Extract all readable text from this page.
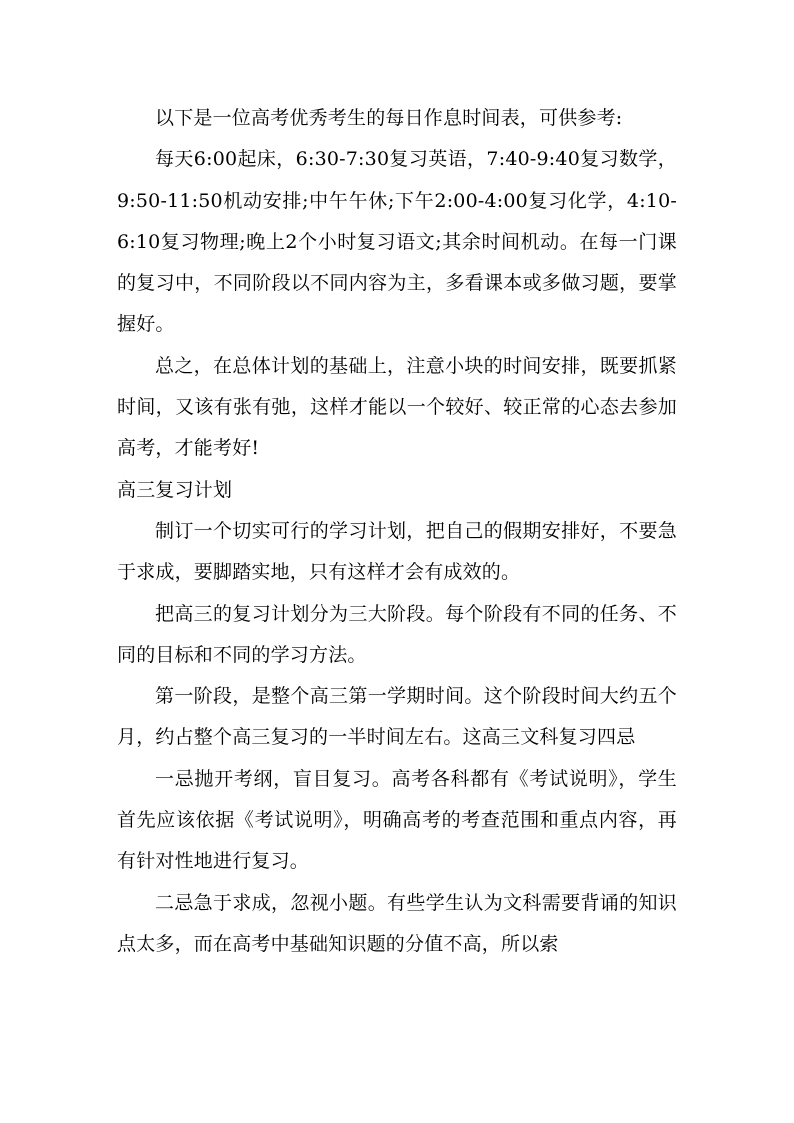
以下是一位高考优秀考生的每日作息时间表，可供参考:

每天6:00起床，6:30-7:30复习英语，7:40-9:40复习数学，9:50-11:50机动安排;中午午休;下午2:00-4:00复习化学，4:10-6:10复习物理;晚上2个小时复习语文;其余时间机动。在每一门课的复习中，不同阶段以不同内容为主，多看课本或多做习题，要掌握好。

总之，在总体计划的基础上，注意小块的时间安排，既要抓紧时间，又该有张有弛，这样才能以一个较好、较正常的心态去参加高考，才能考好!

高三复习计划

制订一个切实可行的学习计划，把自己的假期安排好，不要急于求成，要脚踏实地，只有这样才会有成效的。

把高三的复习计划分为三大阶段。每个阶段有不同的任务、不同的目标和不同的学习方法。

第一阶段，是整个高三第一学期时间。这个阶段时间大约五个月，约占整个高三复习的一半时间左右。这高三文科复习四忌

一忌抛开考纲，盲目复习。高考各科都有《考试说明》，学生首先应该依据《考试说明》，明确高考的考查范围和重点内容，再有针对性地进行复习。

二忌急于求成，忽视小题。有些学生认为文科需要背诵的知识点太多，而在高考中基础知识题的分值不高，所以索
